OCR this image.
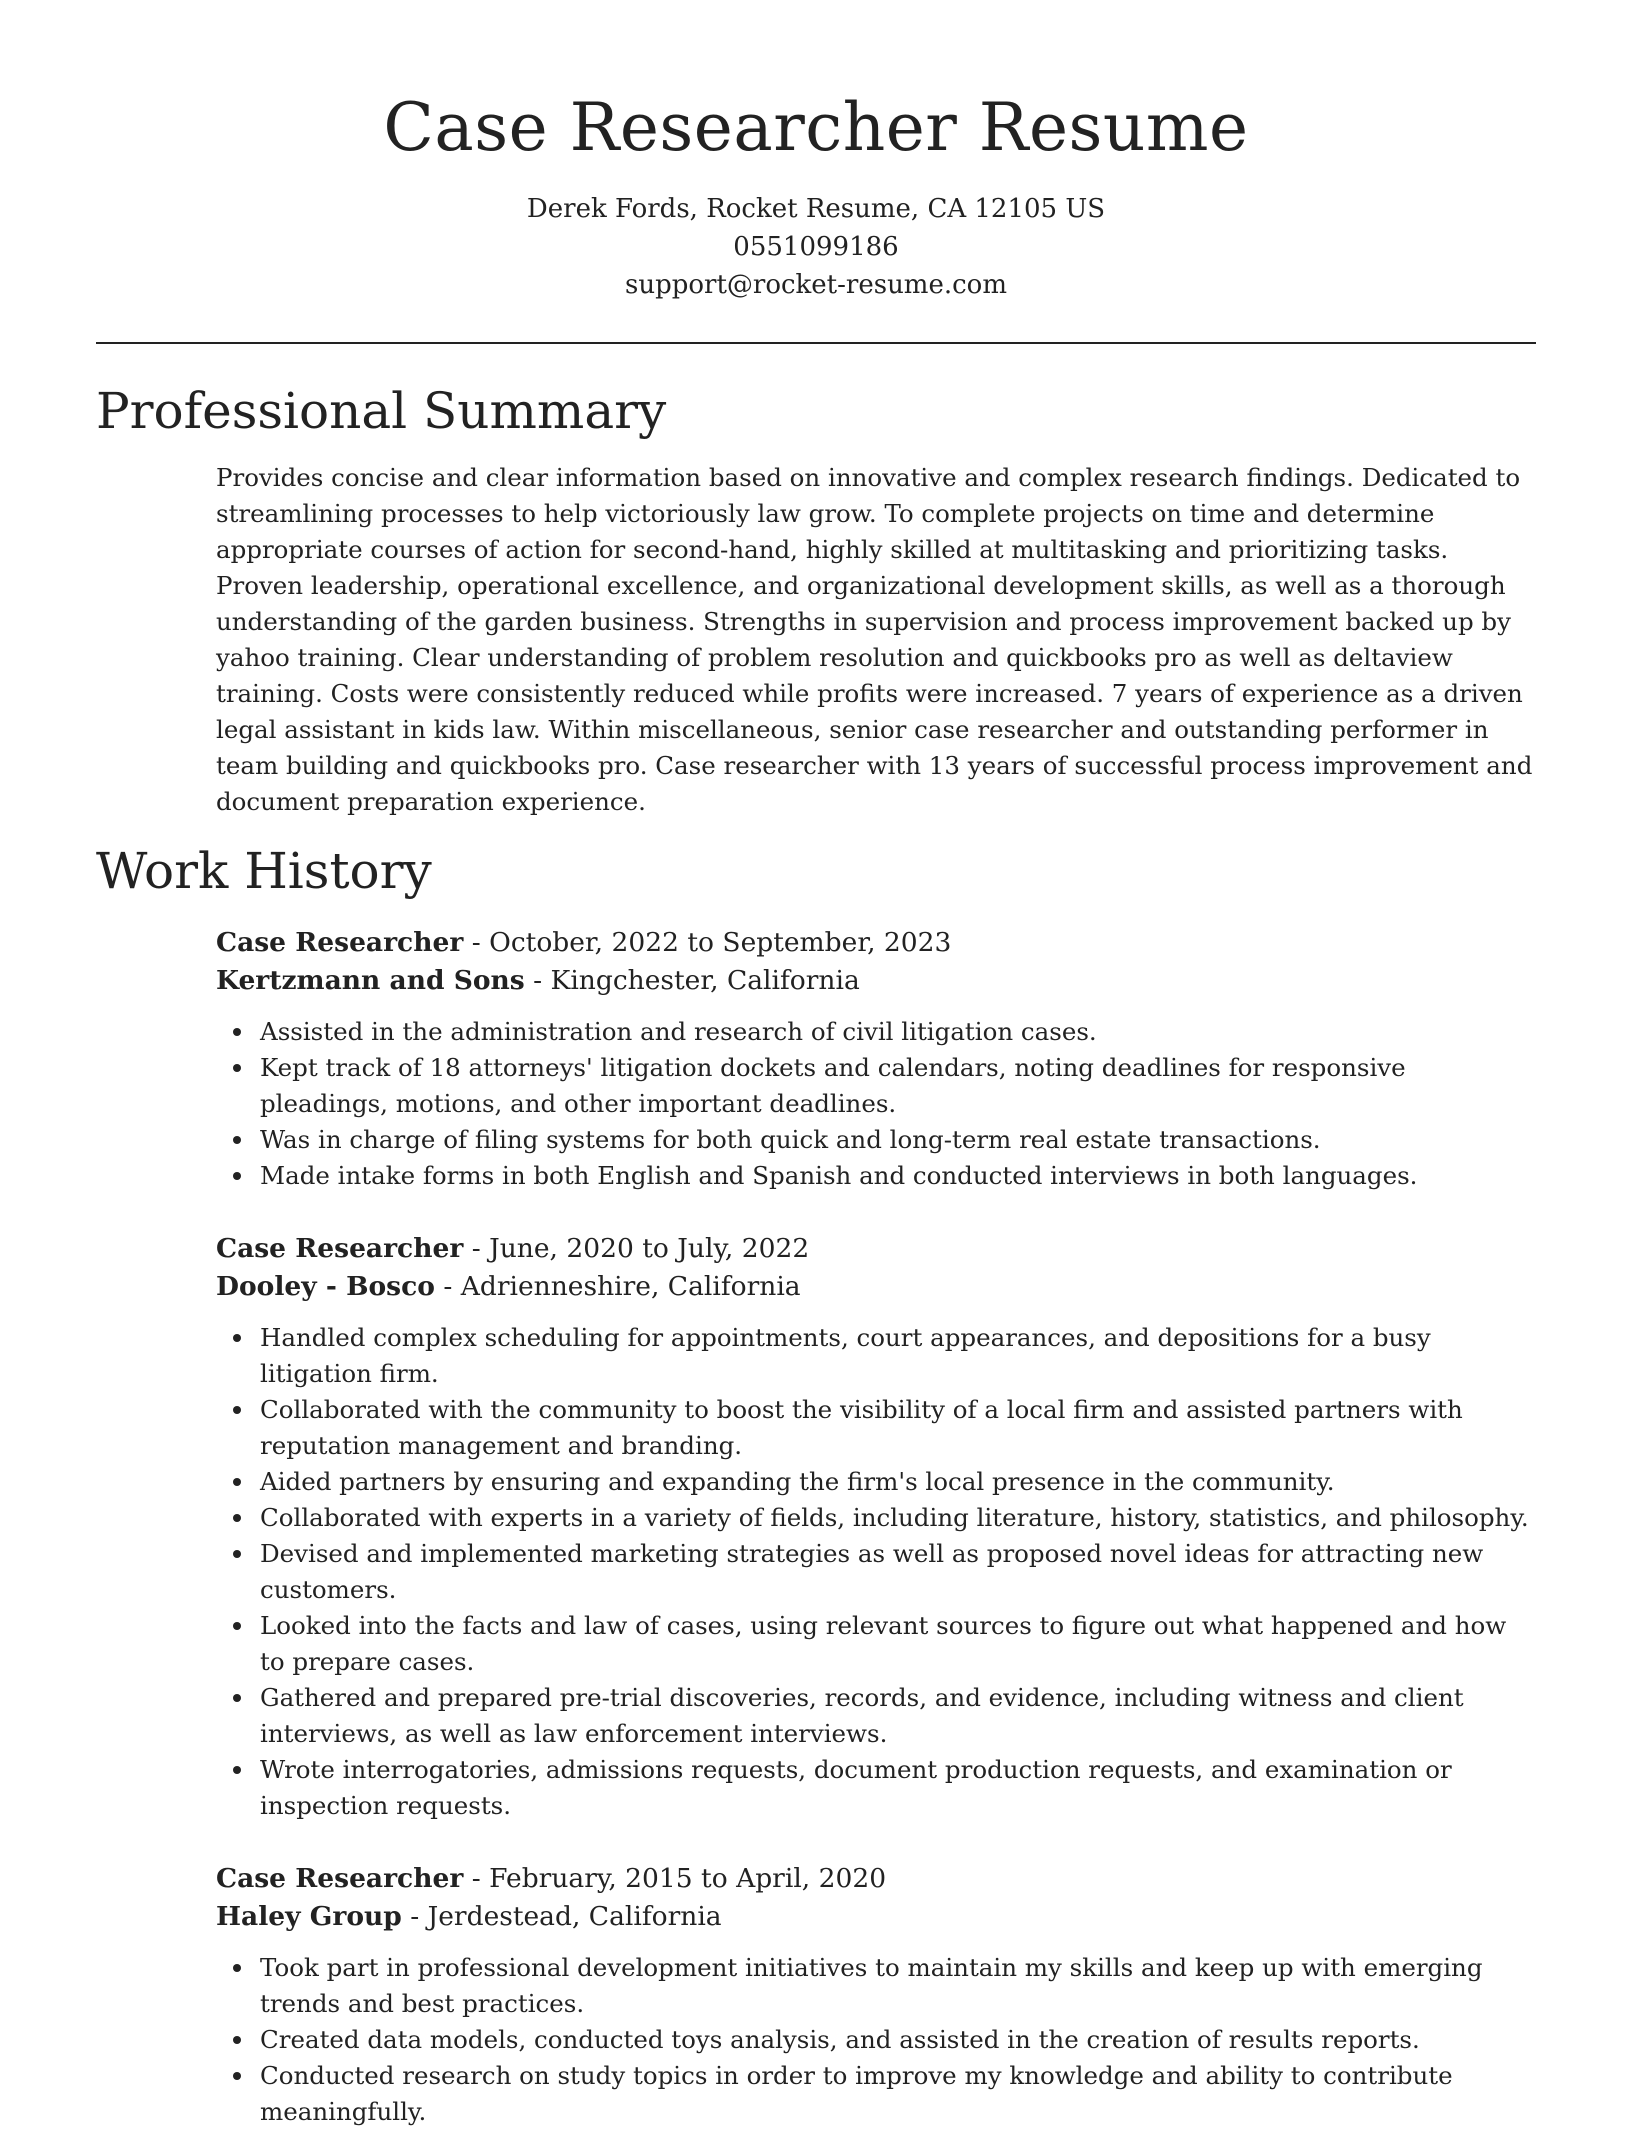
Case Researcher Resume
Derek Fords, Rocket Resume, CA 12105 US
0551099186
support@rocket-resume.com
Professional Summary

Provides concise and clear information based on innovative and complex research findings. Dedicated to streamlining processes to help victoriously law grow. To complete projects on time and determine appropriate courses of action for second-hand, highly skilled at multitasking and prioritizing tasks. Proven leadership, operational excellence, and organizational development skills, as well as a thorough understanding of the garden business. Strengths in supervision and process improvement backed up by yahoo training. Clear understanding of problem resolution and quickbooks pro as well as deltaview training. Costs were consistently reduced while profits were increased. 7 years of experience as a driven legal assistant in kids law. Within miscellaneous, senior case researcher and outstanding performer in team building and quickbooks pro. Case researcher with 13 years of successful process improvement and document preparation experience.

Work History
Case Researcher - October, 2022 to September, 2023
Kertzmann and Sons - Kingchester, California
Assisted in the administration and research of civil litigation cases.
Kept track of 18 attorneys' litigation dockets and calendars, noting deadlines for responsive pleadings, motions, and other important deadlines.
Was in charge of filing systems for both quick and long-term real estate transactions.
Made intake forms in both English and Spanish and conducted interviews in both languages.
Case Researcher - June, 2020 to July, 2022
Dooley - Bosco - Adrienneshire, California
Handled complex scheduling for appointments, court appearances, and depositions for a busy litigation firm.
Collaborated with the community to boost the visibility of a local firm and assisted partners with reputation management and branding.
Aided partners by ensuring and expanding the firm's local presence in the community.
Collaborated with experts in a variety of fields, including literature, history, statistics, and philosophy.
Devised and implemented marketing strategies as well as proposed novel ideas for attracting new customers.
Looked into the facts and law of cases, using relevant sources to figure out what happened and how to prepare cases.
Gathered and prepared pre-trial discoveries, records, and evidence, including witness and client interviews, as well as law enforcement interviews.
Wrote interrogatories, admissions requests, document production requests, and examination or inspection requests.
Case Researcher - February, 2015 to April, 2020
Haley Group - Jerdestead, California
Took part in professional development initiatives to maintain my skills and keep up with emerging trends and best practices.
Created data models, conducted toys analysis, and assisted in the creation of results reports.
Conducted research on study topics in order to improve my knowledge and ability to contribute meaningfully.
